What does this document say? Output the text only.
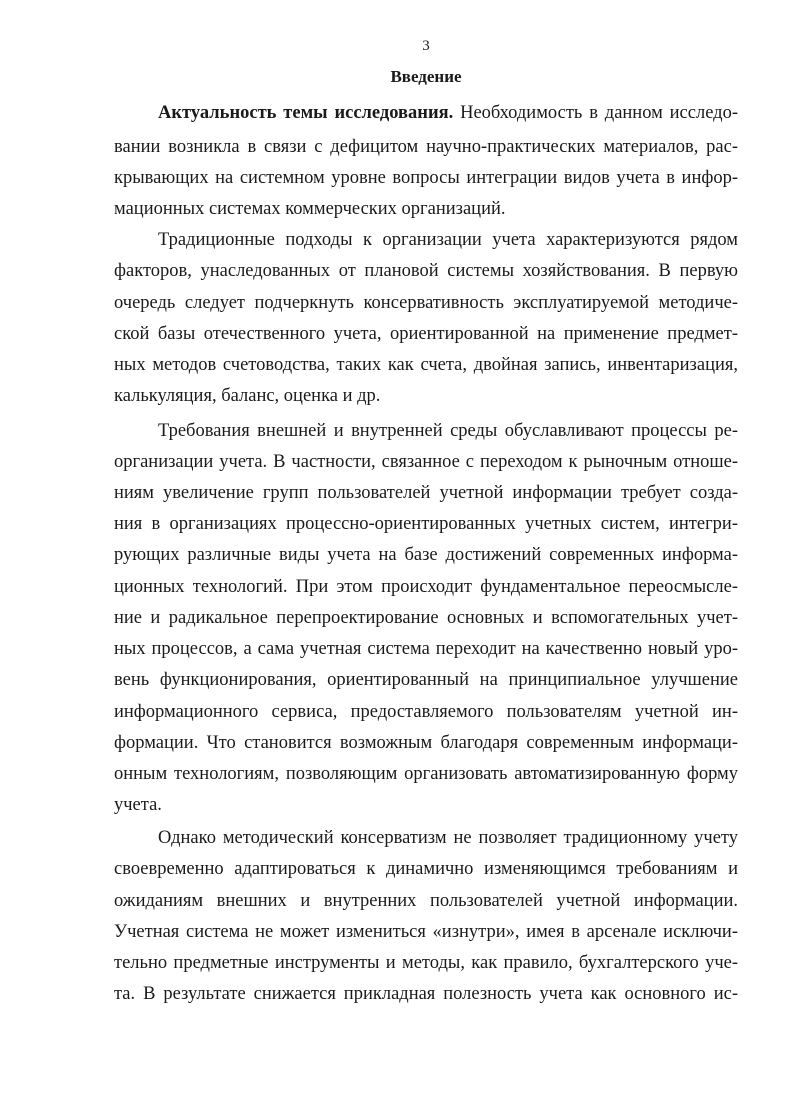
3
Введение
Актуальность темы исследования. Необходимость в данном исследо-
вании возникла в связи с дефицитом научно-практических материалов, рас-
крывающих на системном уровне вопросы интеграции видов учета в инфор-
мационных системах коммерческих организаций.
Традиционные подходы к организации учета характеризуются рядом
факторов, унаследованных от плановой системы хозяйствования. В первую
очередь следует подчеркнуть консервативность эксплуатируемой методиче-
ской базы отечественного учета, ориентированной на применение предмет-
ных методов счетоводства, таких как счета, двойная запись, инвентаризация,
калькуляция, баланс, оценка и др.
Требования внешней и внутренней среды обуславливают процессы ре-
организации учета. В частности, связанное с переходом к рыночным отноше-
ниям увеличение групп пользователей учетной информации требует созда-
ния в организациях процессно-ориентированных учетных систем, интегри-
рующих различные виды учета на базе достижений современных информа-
ционных технологий. При этом происходит фундаментальное переосмысле-
ние и радикальное перепроектирование основных и вспомогательных учет-
ных процессов, а сама учетная система переходит на качественно новый уро-
вень функционирования, ориентированный на принципиальное улучшение
информационного сервиса, предоставляемого пользователям учетной ин-
формации. Что становится возможным благодаря современным информаци-
онным технологиям, позволяющим организовать автоматизированную форму
учета.
Однако методический консерватизм не позволяет традиционному учету
своевременно адаптироваться к динамично изменяющимся требованиям и
ожиданиям внешних и внутренних пользователей учетной информации.
Учетная система не может измениться «изнутри», имея в арсенале исключи-
тельно предметные инструменты и методы, как правило, бухгалтерского уче-
та. В результате снижается прикладная полезность учета как основного ис-
